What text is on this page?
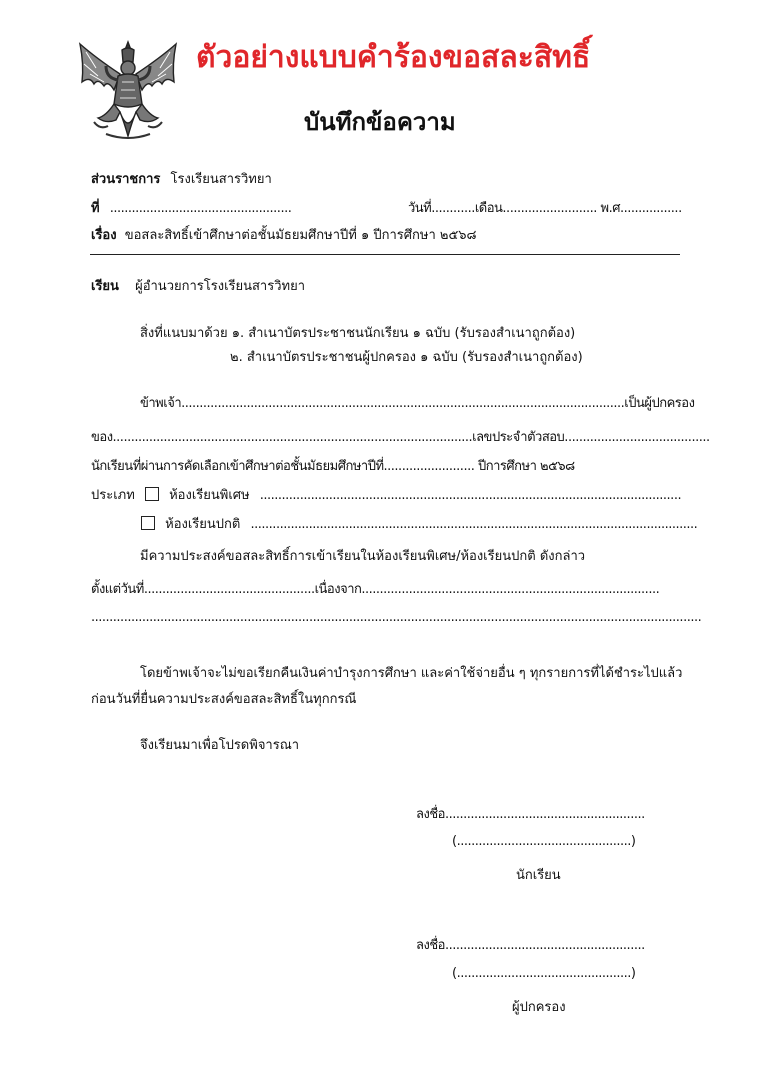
ตัวอย่างแบบคำร้องขอสละสิทธิ์
บันทึกข้อความ
ส่วนราชการ โรงเรียนสารวิทยา
ที่ ..................................................	วันที่............เดือน.......................... พ.ศ.................
เรื่อง ขอสละสิทธิ์เข้าศึกษาต่อชั้นมัธยมศึกษาปีที่ ๑ ปีการศึกษา ๒๕๖๘
เรียน ผู้อำนวยการโรงเรียนสารวิทยา
สิ่งที่แนบมาด้วย ๑. สำเนาบัตรประชาชนนักเรียน ๑ ฉบับ (รับรองสำเนาถูกต้อง)
๒. สำเนาบัตรประชาชนผู้ปกครอง ๑ ฉบับ (รับรองสำเนาถูกต้อง)
ข้าพเจ้า..........................................................................................................................เป็นผู้ปกครอง
ของ...................................................................................................เลขประจำตัวสอบ........................................
นักเรียนที่ผ่านการคัดเลือกเข้าศึกษาต่อชั้นมัธยมศึกษาปีที่......................... ปีการศึกษา ๒๕๖๘
ประเภท	ห้องเรียนพิเศษ ....................................................................................................................
ห้องเรียนปกติ ...........................................................................................................................
มีความประสงค์ขอสละสิทธิ์การเข้าเรียนในห้องเรียนพิเศษ/ห้องเรียนปกติ ดังกล่าว
ตั้งแต่วันที่...............................................เนื่องจาก..................................................................................
........................................................................................................................................................................
โดยข้าพเจ้าจะไม่ขอเรียกคืนเงินค่าบำรุงการศึกษา และค่าใช้จ่ายอื่น ๆ ทุกรายการที่ได้ชำระไปแล้ว
ก่อนวันที่ยื่นความประสงค์ขอสละสิทธิ์ในทุกกรณี
จึงเรียนมาเพื่อโปรดพิจารณา
ลงชื่อ.......................................................
(................................................)
นักเรียน
ลงชื่อ.......................................................
(................................................)
ผู้ปกครอง
